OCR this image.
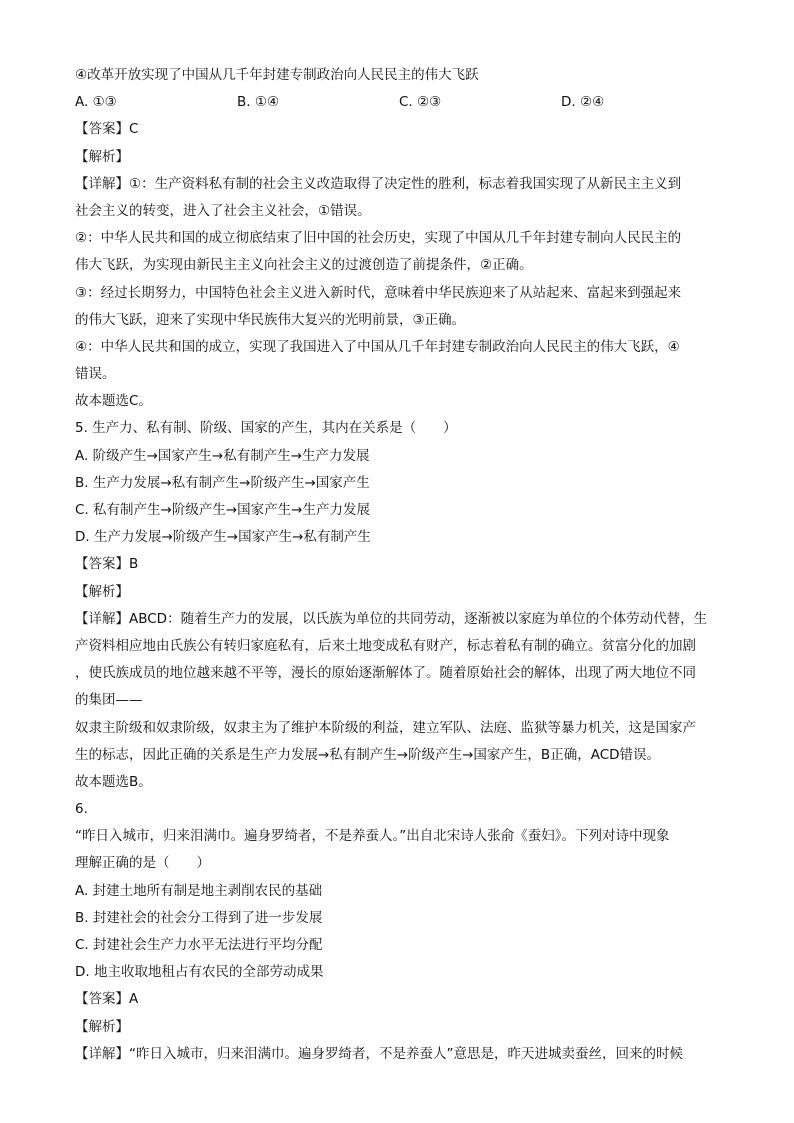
④改革开放实现了中国从几千年封建专制政治向人民民主的伟大飞跃
A. ①③	B. ①④	C. ②③	D. ②④
【答案】C
【解析】
【详解】①：生产资料私有制的社会主义改造取得了决定性的胜利，标志着我国实现了从新民主主义到
社会主义的转变，进入了社会主义社会，①错误。
②：中华人民共和国的成立彻底结束了旧中国的社会历史，实现了中国从几千年封建专制向人民民主的
伟大飞跃，为实现由新民主主义向社会主义的过渡创造了前提条件，②正确。
③：经过长期努力，中国特色社会主义进入新时代，意味着中华民族迎来了从站起来、富起来到强起来
的伟大飞跃，迎来了实现中华民族伟大复兴的光明前景，③正确。
④：中华人民共和国的成立，实现了我国进入了中国从几千年封建专制政治向人民民主的伟大飞跃，④
错误。
故本题选C。
5. 生产力、私有制、阶级、国家的产生，其内在关系是（　　）
A. 阶级产生→国家产生→私有制产生→生产力发展
B. 生产力发展→私有制产生→阶级产生→国家产生
C. 私有制产生→阶级产生→国家产生→生产力发展
D. 生产力发展→阶级产生→国家产生→私有制产生
【答案】B
【解析】
【详解】ABCD：随着生产力的发展，以氏族为单位的共同劳动，逐渐被以家庭为单位的个体劳动代替，生
产资料相应地由氏族公有转归家庭私有，后来土地变成私有财产，标志着私有制的确立。贫富分化的加剧
，使氏族成员的地位越来越不平等，漫长的原始逐渐解体了。随着原始社会的解体，出现了两大地位不同
的集团——
奴隶主阶级和奴隶阶级，奴隶主为了维护本阶级的利益，建立军队、法庭、监狱等暴力机关，这是国家产
生的标志，因此正确的关系是生产力发展→私有制产生→阶级产生→国家产生，B正确，ACD错误。
故本题选B。
6.
“昨日入城市，归来泪满巾。遍身罗绮者，不是养蚕人。”出自北宋诗人张俞《蚕妇》。下列对诗中现象
理解正确的是（　　）
A. 封建土地所有制是地主剥削农民的基础
B. 封建社会的社会分工得到了进一步发展
C. 封建社会生产力水平无法进行平均分配
D. 地主收取地租占有农民的全部劳动成果
【答案】A
【解析】
【详解】“昨日入城市，归来泪满巾。遍身罗绮者，不是养蚕人”意思是，昨天进城卖蚕丝，回来的时候
